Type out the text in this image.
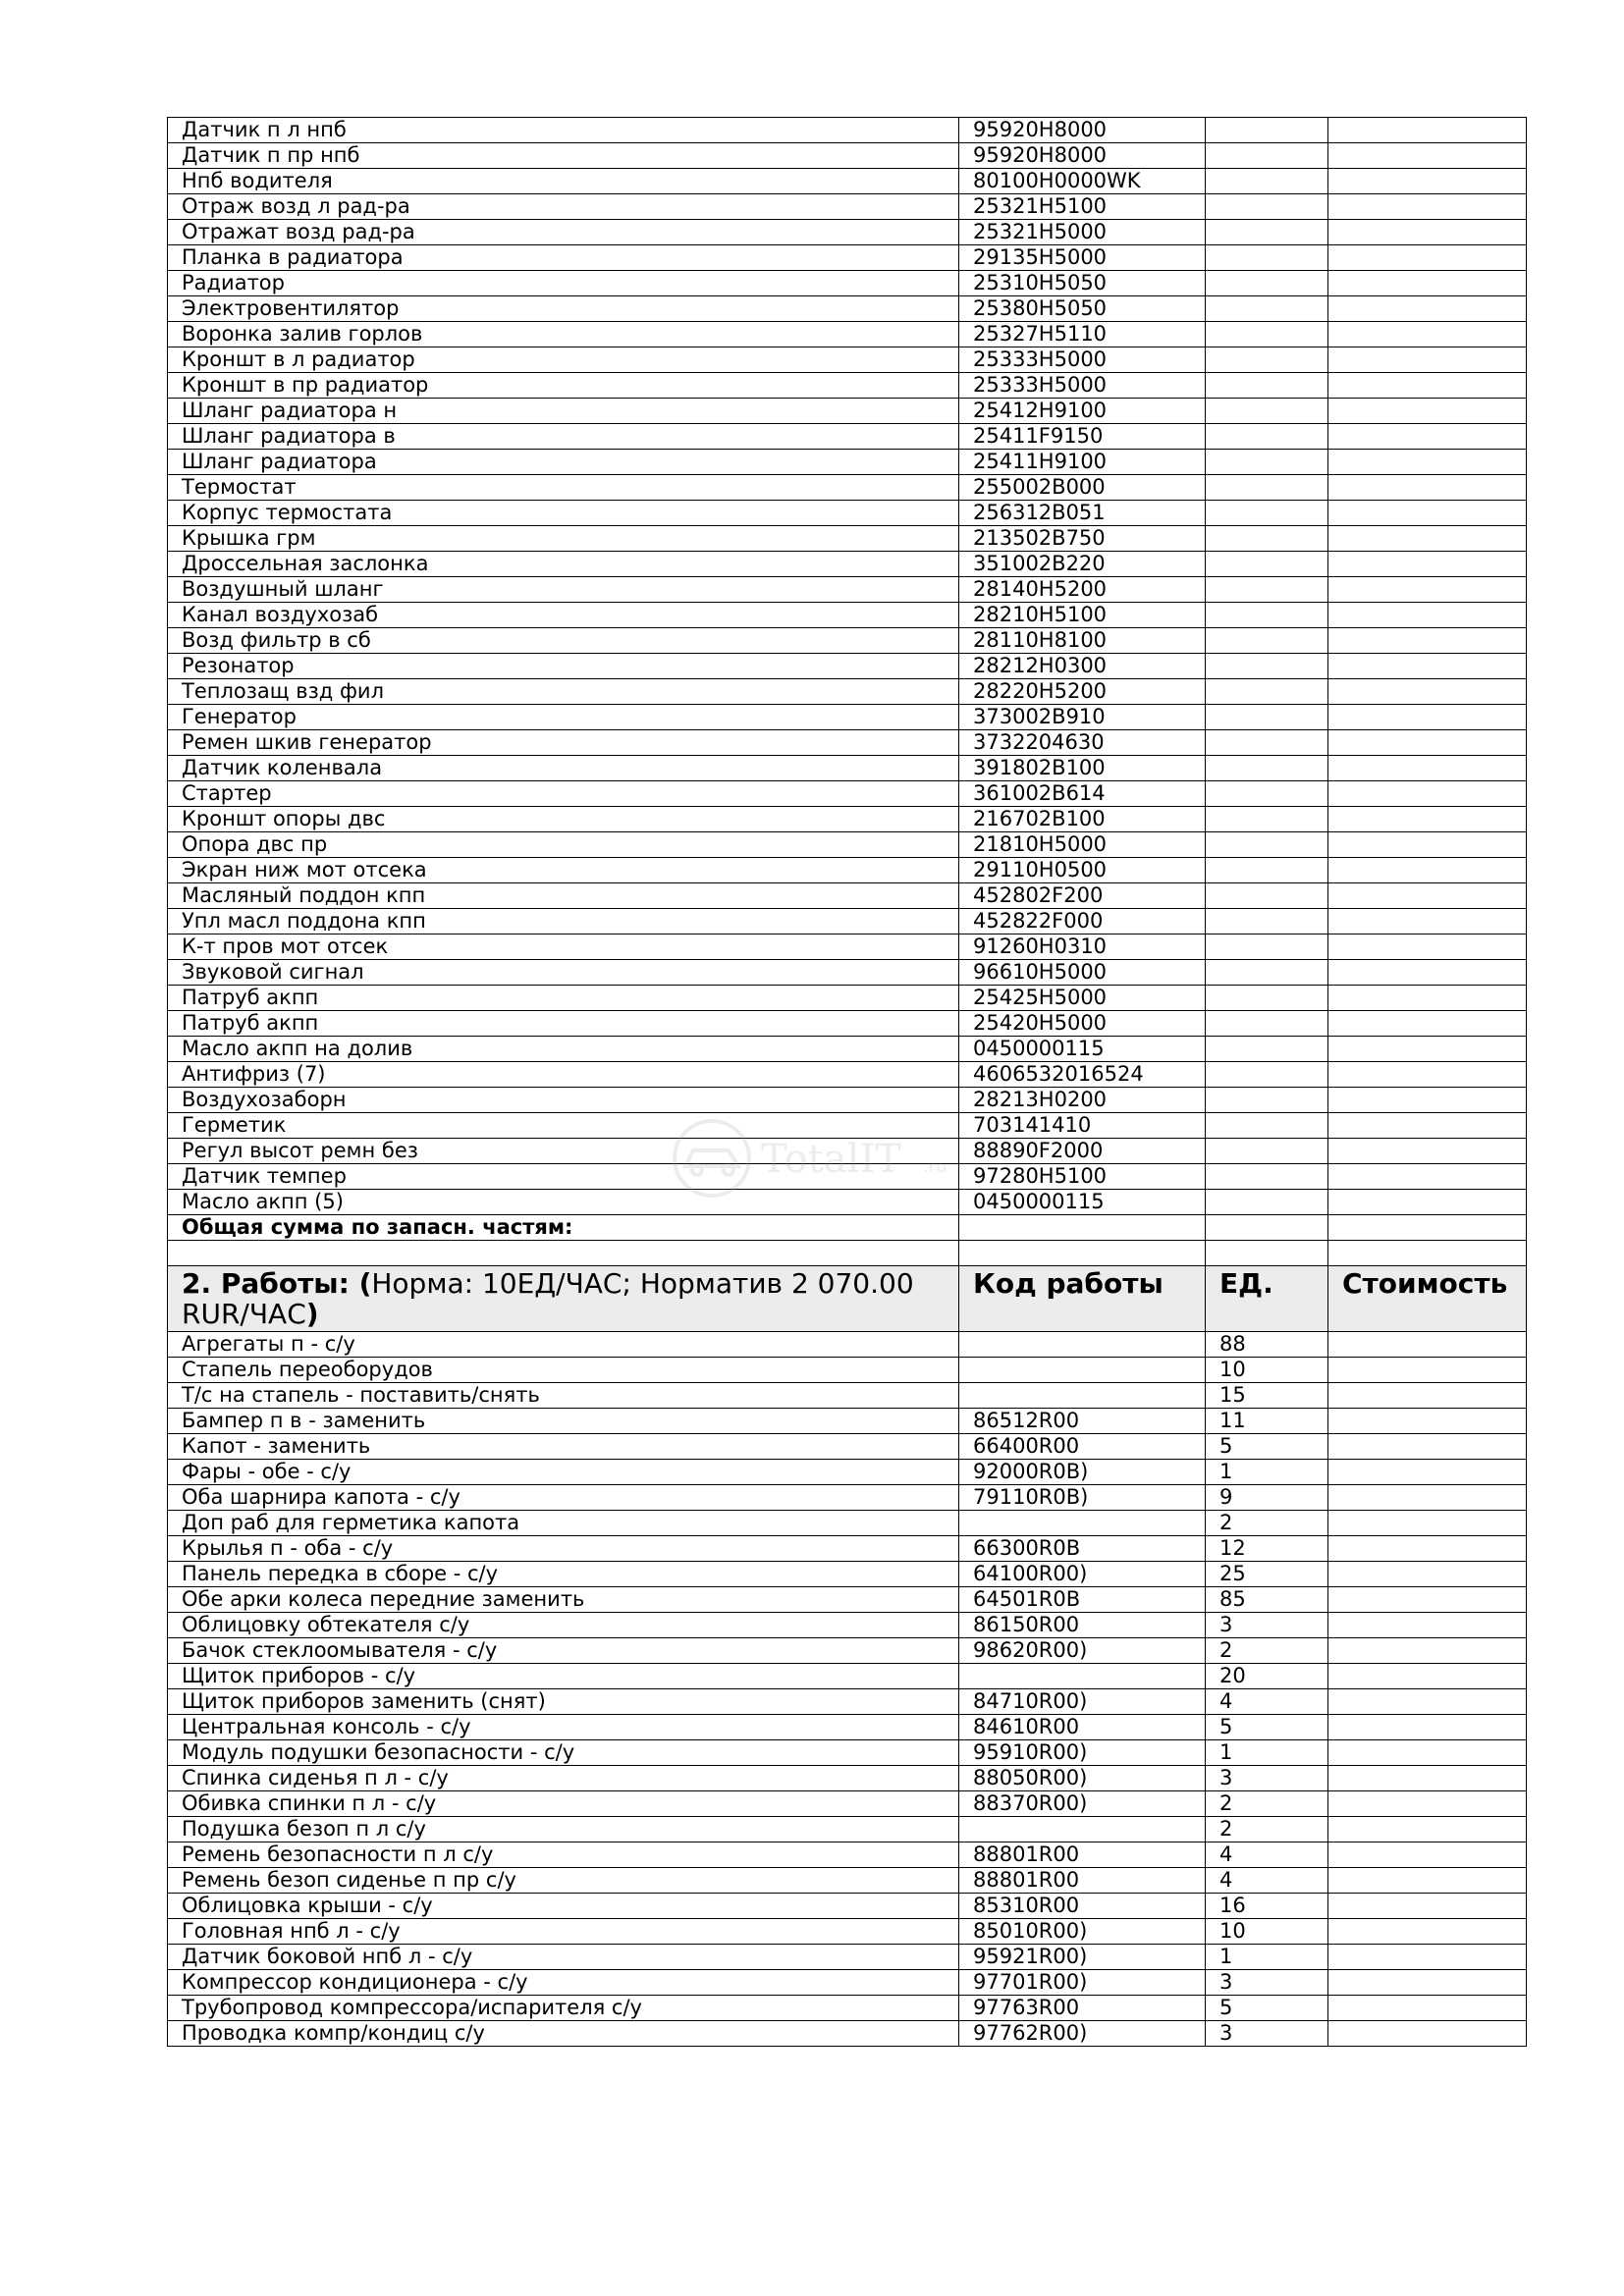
Датчик п л нпб	95920H8000		
Датчик п пр нпб	95920H8000		
Нпб водителя	80100H0000WK		
Отраж возд л рад-ра	25321H5100		
Отражат возд рад-ра	25321H5000		
Планка в радиатора	29135H5000		
Радиатор	25310H5050		
Электровентилятор	25380H5050		
Воронка залив горлов	25327H5110		
Кроншт в л радиатор	25333H5000		
Кроншт в пр радиатор	25333H5000		
Шланг радиатора н	25412H9100		
Шланг радиатора в	25411F9150		
Шланг радиатора	25411H9100		
Термостат	255002B000		
Корпус термостата	256312B051		
Крышка грм	213502B750		
Дроссельная заслонка	351002B220		
Воздушный шланг	28140H5200		
Канал воздухозаб	28210H5100		
Возд фильтр в сб	28110H8100		
Резонатор	28212H0300		
Теплозащ взд фил	28220H5200		
Генератор	373002B910		
Ремен шкив генератор	3732204630		
Датчик коленвала	391802B100		
Стартер	361002B614		
Кроншт опоры двс	216702B100		
Опора двс пр	21810H5000		
Экран ниж мот отсека	29110H0500		
Масляный поддон кпп	452802F200		
Упл масл поддона кпп	452822F000		
К-т пров мот отсек	91260H0310		
Звуковой сигнал	96610H5000		
Патруб акпп	25425H5000		
Патруб акпп	25420H5000		
Масло акпп на долив	0450000115		
Антифриз (7)	4606532016524		
Воздухозаборн	28213H0200		
Герметик	703141410		
Регул высот ремн без	88890F2000		
Датчик темпер	97280H5100		
Масло акпп (5)	0450000115		
Общая сумма по запасн. частям:			

2. Работы: (Норма: 10ЕД/ЧАС; Норматив 2 070.00 RUR/ЧАС)	Код работы	ЕД.	Стоимость
Агрегаты п - с/у		88	
Стапель переоборудов		10	
Т/с на стапель - поставить/снять		15	
Бампер п в - заменить	86512R00	11	
Капот - заменить	66400R00	5	
Фары - обе - с/у	92000R0B)	1	
Оба шарнира капота - с/у	79110R0B)	9	
Доп раб для герметика капота		2	
Крылья п - оба - с/у	66300R0B	12	
Панель передка в сборе - с/у	64100R00)	25	
Обе арки колеса передние заменить	64501R0B	85	
Облицовку обтекателя с/у	86150R00	3	
Бачок стеклоомывателя - с/у	98620R00)	2	
Щиток приборов - с/у		20	
Щиток приборов заменить (снят)	84710R00)	4	
Центральная консоль - с/у	84610R00	5	
Модуль подушки безопасности - с/у	95910R00)	1	
Спинка сиденья п л - с/у	88050R00)	3	
Обивка спинки п л - с/у	88370R00)	2	
Подушка безоп п л с/у		2	
Ремень безопасности п л с/у	88801R00	4	
Ремень безоп сиденье п пр с/у	88801R00	4	
Облицовка крыши - с/у	85310R00	16	
Головная нпб л - с/у	85010R00)	10	
Датчик боковой нпб л - с/у	95921R00)	1	
Компрессор кондиционера - с/у	97701R00)	3	
Трубопровод компрессора/испарителя с/у	97763R00	5	
Проводка компр/кондиц с/у	97762R00)	3	
TotalIT .ru
